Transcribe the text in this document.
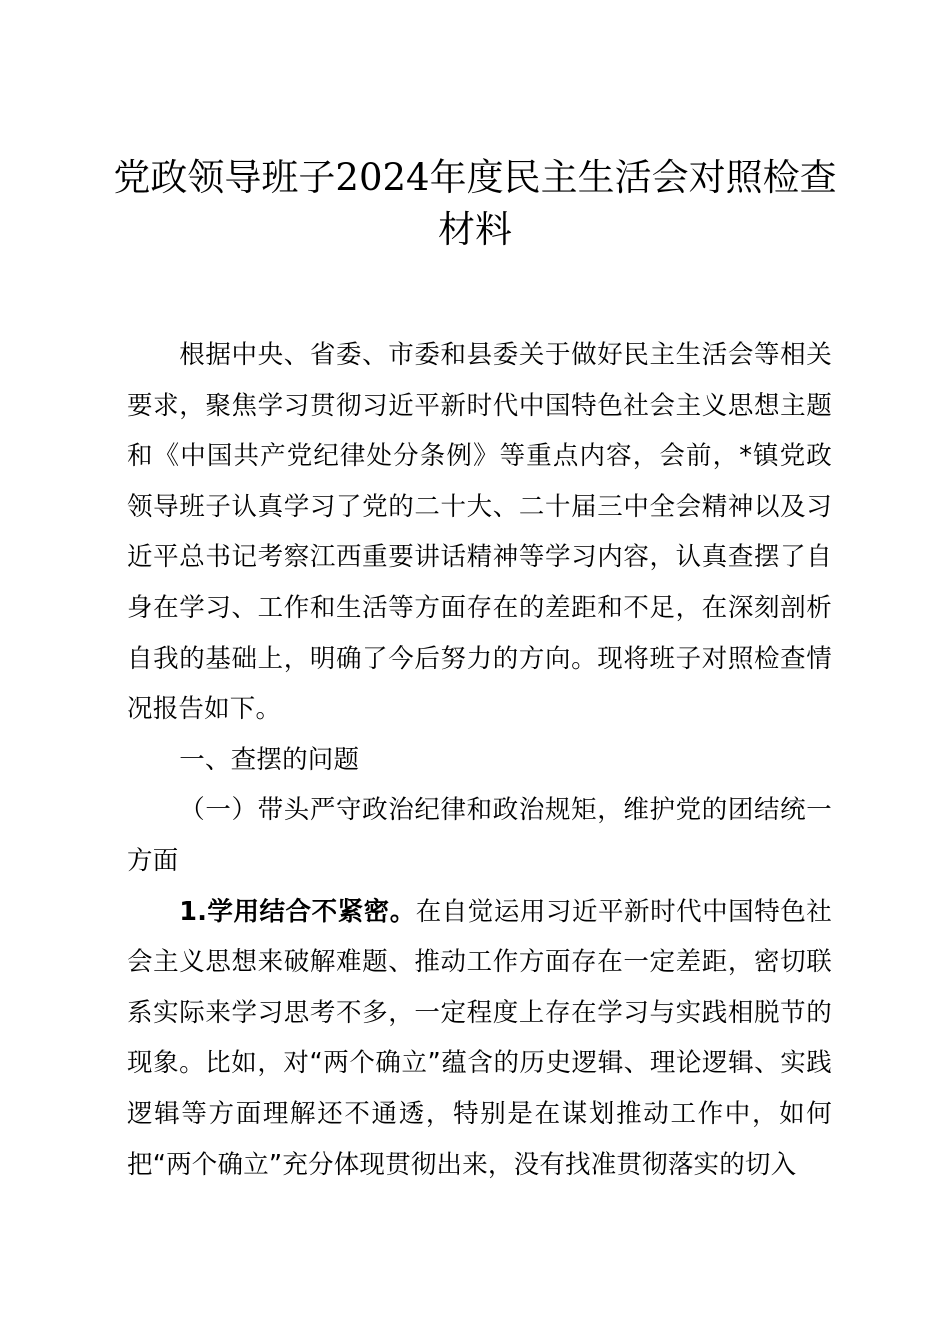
党政领导班子2024年度民主生活会对照检查
材料

根据中央、省委、市委和县委关于做好民主生活会等相关要求，聚焦学习贯彻习近平新时代中国特色社会主义思想主题和《中国共产党纪律处分条例》等重点内容，会前，*镇党政领导班子认真学习了党的二十大、二十届三中全会精神以及习近平总书记考察江西重要讲话精神等学习内容，认真查摆了自身在学习、工作和生活等方面存在的差距和不足，在深刻剖析自我的基础上，明确了今后努力的方向。现将班子对照检查情况报告如下。

一、查摆的问题

（一）带头严守政治纪律和政治规矩，维护党的团结统一方面

1.学用结合不紧密。在自觉运用习近平新时代中国特色社会主义思想来破解难题、推动工作方面存在一定差距，密切联系实际来学习思考不多，一定程度上存在学习与实践相脱节的现象。比如，对“两个确立”蕴含的历史逻辑、理论逻辑、实践逻辑等方面理解还不通透，特别是在谋划推动工作中，如何把“两个确立”充分体现贯彻出来，没有找准贯彻落实的切入
